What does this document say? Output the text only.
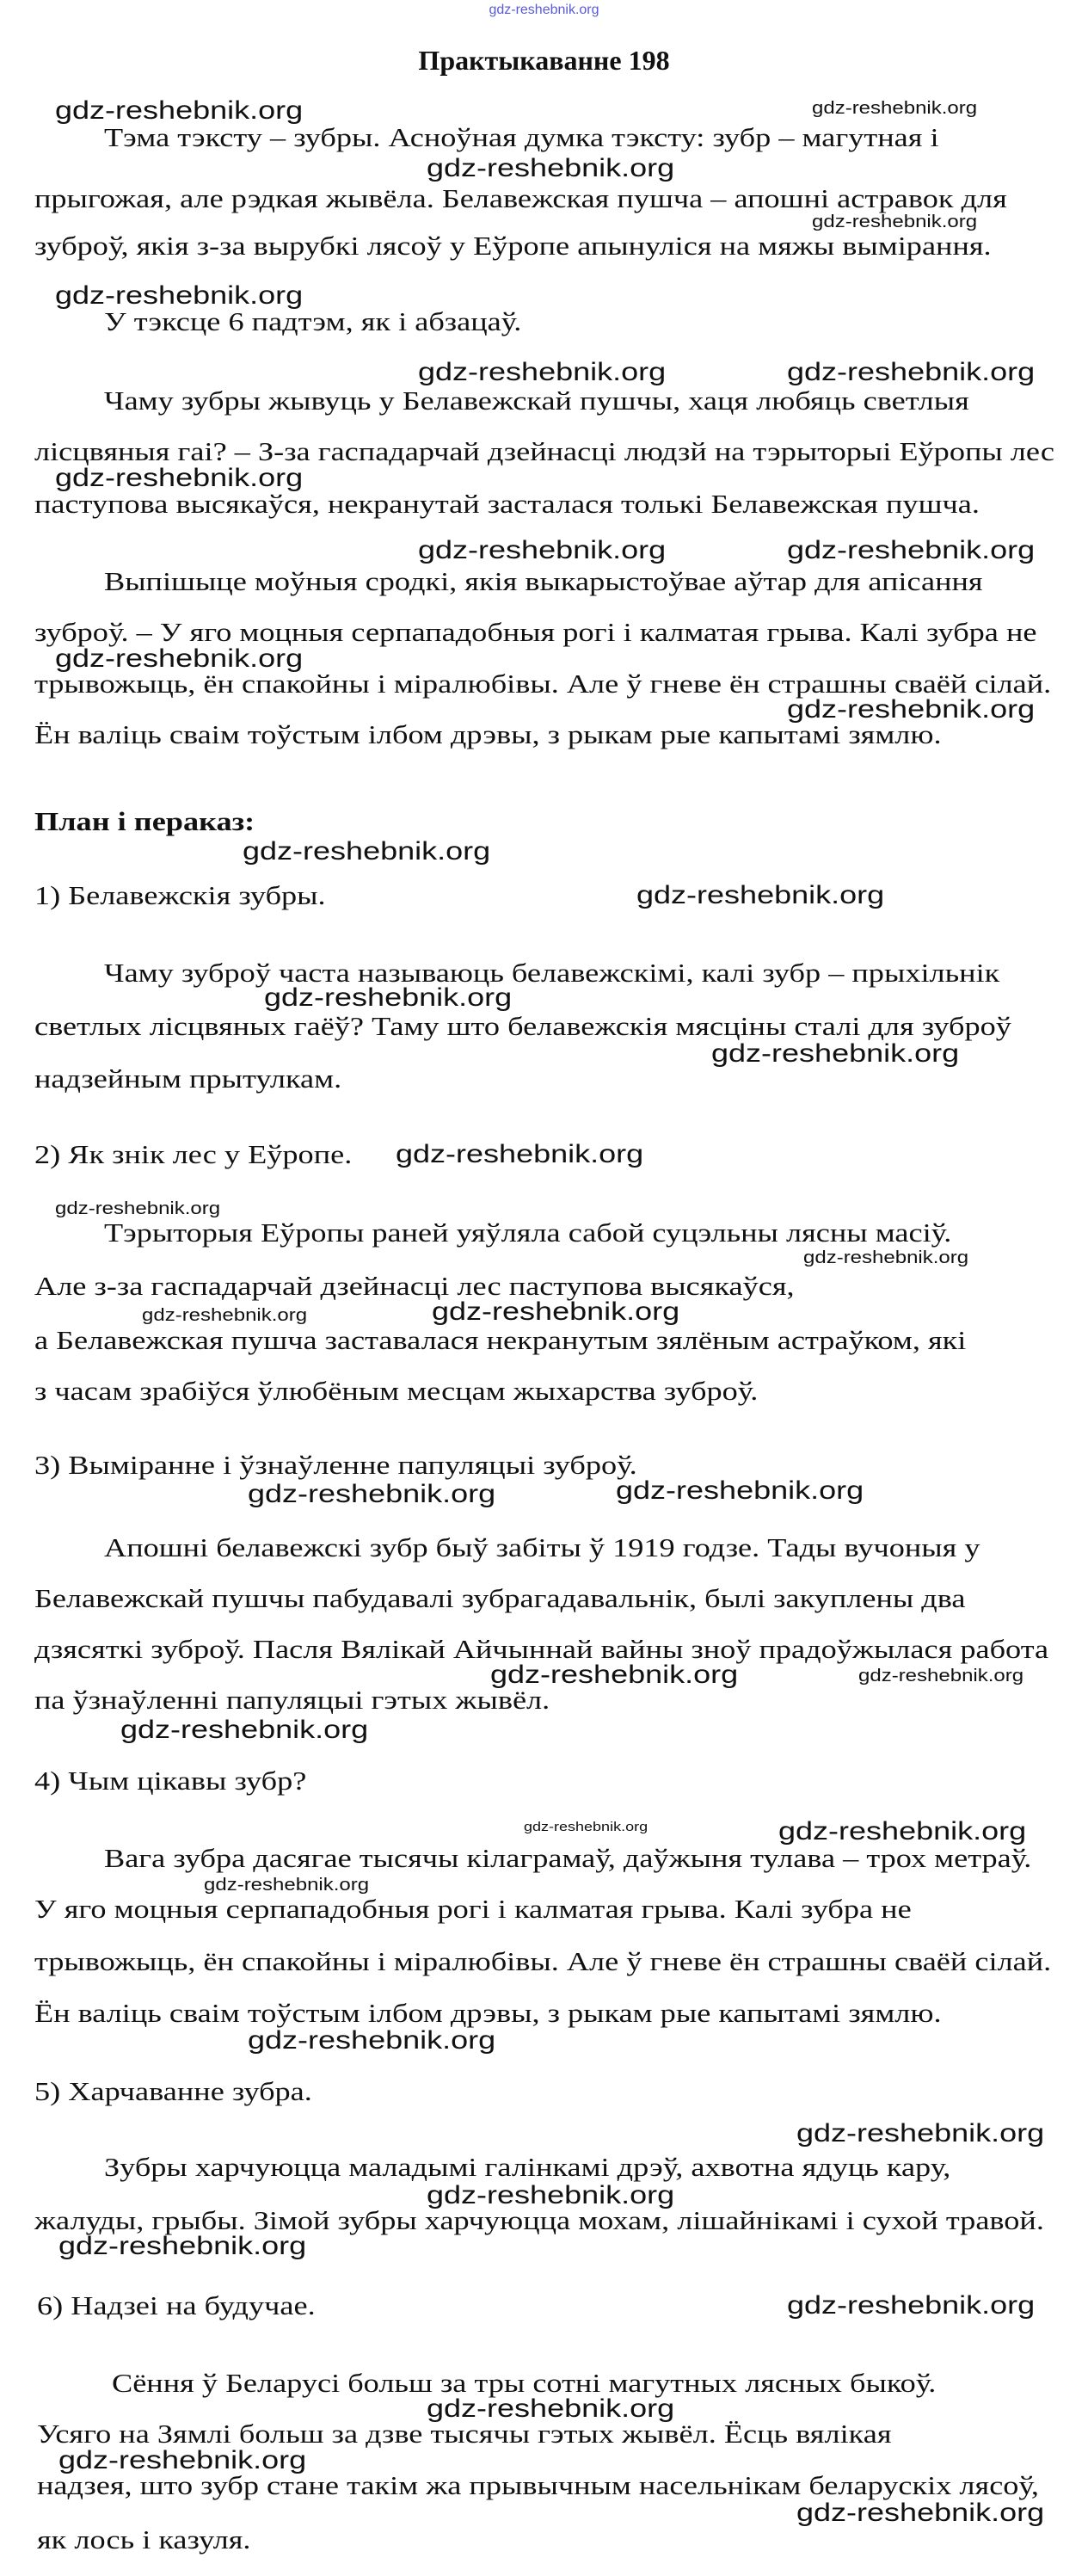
gdz-reshebnik.org
gdz-reshebnik.org	gdz-reshebnik.org
gdz-reshebnik.org
gdz-reshebnik.org
gdz-reshebnik.org
gdz-reshebnik.org	gdz-reshebnik.org
gdz-reshebnik.org
gdz-reshebnik.org	gdz-reshebnik.org
gdz-reshebnik.org
gdz-reshebnik.org
gdz-reshebnik.org
gdz-reshebnik.org
gdz-reshebnik.org
gdz-reshebnik.org
gdz-reshebnik.org
gdz-reshebnik.org
gdz-reshebnik.org
gdz-reshebnik.org	gdz-reshebnik.org
gdz-reshebnik.org	gdz-reshebnik.org
gdz-reshebnik.org	gdz-reshebnik.org
gdz-reshebnik.org
gdz-reshebnik.org	gdz-reshebnik.org
gdz-reshebnik.org
gdz-reshebnik.org
gdz-reshebnik.org
gdz-reshebnik.org
gdz-reshebnik.org
gdz-reshebnik.org
gdz-reshebnik.org
gdz-reshebnik.org
gdz-reshebnik.org
Практыкаванне 198
Тэма тэксту – зубры. Асноўная думка тэксту: зубр – магутная і
прыгожая, але рэдкая жывёла. Белавежская пушча – апошні астравок для
зуброў, якія з-за вырубкі лясоў у Еўропе апынуліся на мяжы вымірання.
У тэксце 6 падтэм, як і абзацаў.
Чаму зубры жывуць у Белавежскай пушчы, хаця любяць светлыя
лісцвяныя гаі? – З-за гаспадарчай дзейнасці людзй на тэрыторыі Еўропы лес
паступова высякаўся, некранутай засталася толькі Белавежская пушча.
Выпішыце моўныя сродкі, якія выкарыстоўвае аўтар для апісання
зуброў. – У яго моцныя серпападобныя рогі і калматая грыва. Калі зубра не
трывожыць, ён спакойны і міралюбівы. Але ў гневе ён страшны сваёй сілай.
Ён валіць сваім тоўстым ілбом дрэвы, з рыкам рые капытамі зямлю.
План і пераказ:
1) Белавежскія зубры.
Чаму зуброў часта называюць белавежскімі, калі зубр – прыхільнік
светлых лісцвяных гаёў? Таму што белавежскія мясціны сталі для зуброў
надзейным прытулкам.
2) Як знік лес у Еўропе.
Тэрыторыя Еўропы раней уяўляла сабой суцэльны лясны масіў.
Але з-за гаспадарчай дзейнасці лес паступова высякаўся,
а Белавежская пушча заставалася некранутым зялёным астраўком, які
з часам зрабіўся ўлюбёным месцам жыхарства зуброў.
3) Выміранне і ўзнаўленне папуляцыі зуброў.
Апошні белавежскі зубр быў забіты ў 1919 годзе. Тады вучоныя у
Белавежскай пушчы пабудавалі зубрагадавальнік, былі закуплены два
дзясяткі зуброў. Пасля Вялікай Айчыннай вайны зноў прадоўжылася работа
па ўзнаўленні папуляцыі гэтых жывёл.
4) Чым цікавы зубр?
Вага зубра дасягае тысячы кілаграмаў, даўжыня тулава – трох метраў.
У яго моцныя серпападобныя рогі і калматая грыва. Калі зубра не
трывожыць, ён спакойны і міралюбівы. Але ў гневе ён страшны сваёй сілай.
Ён валіць сваім тоўстым ілбом дрэвы, з рыкам рые капытамі зямлю.
5) Харчаванне зубра.
Зубры харчуюцца маладымі галінкамі дрэў, ахвотна ядуць кару,
жалуды, грыбы. Зімой зубры харчуюцца мохам, лішайнікамі і сухой травой.
6) Надзеі на будучае.
Сёння ў Беларусі больш за тры сотні магутных лясных быкоў.
Усяго на Зямлі больш за дзве тысячы гэтых жывёл. Ёсць вялікая
надзея, што зубр стане такім жа прывычным насельнікам беларускіх лясоў,
як лось і казуля.
